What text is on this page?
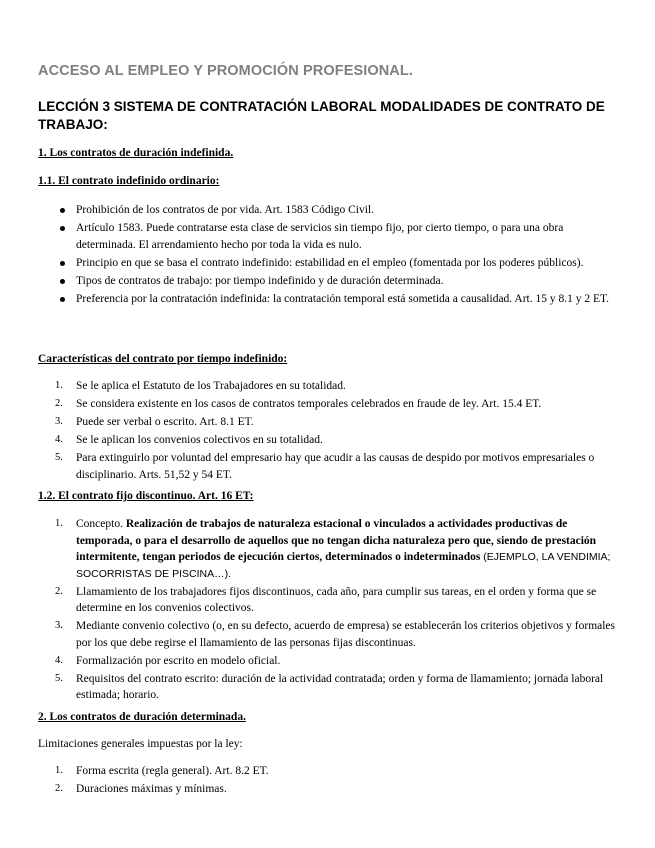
ACCESO AL EMPLEO Y PROMOCIÓN PROFESIONAL.
LECCIÓN 3 SISTEMA DE CONTRATACIÓN LABORAL MODALIDADES DE CONTRATO DE TRABAJO:

1. Los contratos de duración indefinida.

1.1. El contrato indefinido ordinario:

Prohibición de los contratos de por vida. Art. 1583 Código Civil.
Artículo 1583. Puede contratarse esta clase de servicios sin tiempo fijo, por cierto tiempo, o para una obra determinada. El arrendamiento hecho por toda la vida es nulo.
Principio en que se basa el contrato indefinido: estabilidad en el empleo (fomentada por los poderes públicos).
Tipos de contratos de trabajo: por tiempo indefinido y de duración determinada.
Preferencia por la contratación indefinida: la contratación temporal está sometida a causalidad. Art. 15 y 8.1 y 2 ET.

Características del contrato por tiempo indefinido:

1.	Se le aplica el Estatuto de los Trabajadores en su totalidad.
2.	Se considera existente en los casos de contratos temporales celebrados en fraude de ley. Art. 15.4 ET.
3.	Puede ser verbal o escrito. Art. 8.1 ET.
4.	Se le aplican los convenios colectivos en su totalidad.
5.	Para extinguirlo por voluntad del empresario hay que acudir a las causas de despido por motivos empresariales o disciplinario. Arts. 51,52 y 54 ET.

1.2. El contrato fijo discontinuo. Art. 16 ET:

1.	Concepto. Realización de trabajos de naturaleza estacional o vinculados a actividades productivas de temporada, o para el desarrollo de aquellos que no tengan dicha naturaleza pero que, siendo de prestación intermitente, tengan periodos de ejecución ciertos, determinados o indeterminados (EJEMPLO, LA VENDIMIA; SOCORRISTAS DE PISCINA…).
2.	Llamamiento de los trabajadores fijos discontinuos, cada año, para cumplir sus tareas, en el orden y forma que se determine en los convenios colectivos.
3.	Mediante convenio colectivo (o, en su defecto, acuerdo de empresa) se establecerán los criterios objetivos y formales por los que debe regirse el llamamiento de las personas fijas discontinuas.
4.	Formalización por escrito en modelo oficial.
5.	Requisitos del contrato escrito: duración de la actividad contratada; orden y forma de llamamiento; jornada laboral estimada; horario.

2. Los contratos de duración determinada.

Limitaciones generales impuestas por la ley:

1.	Forma escrita (regla general). Art. 8.2 ET.
2.	Duraciones máximas y mínimas.
